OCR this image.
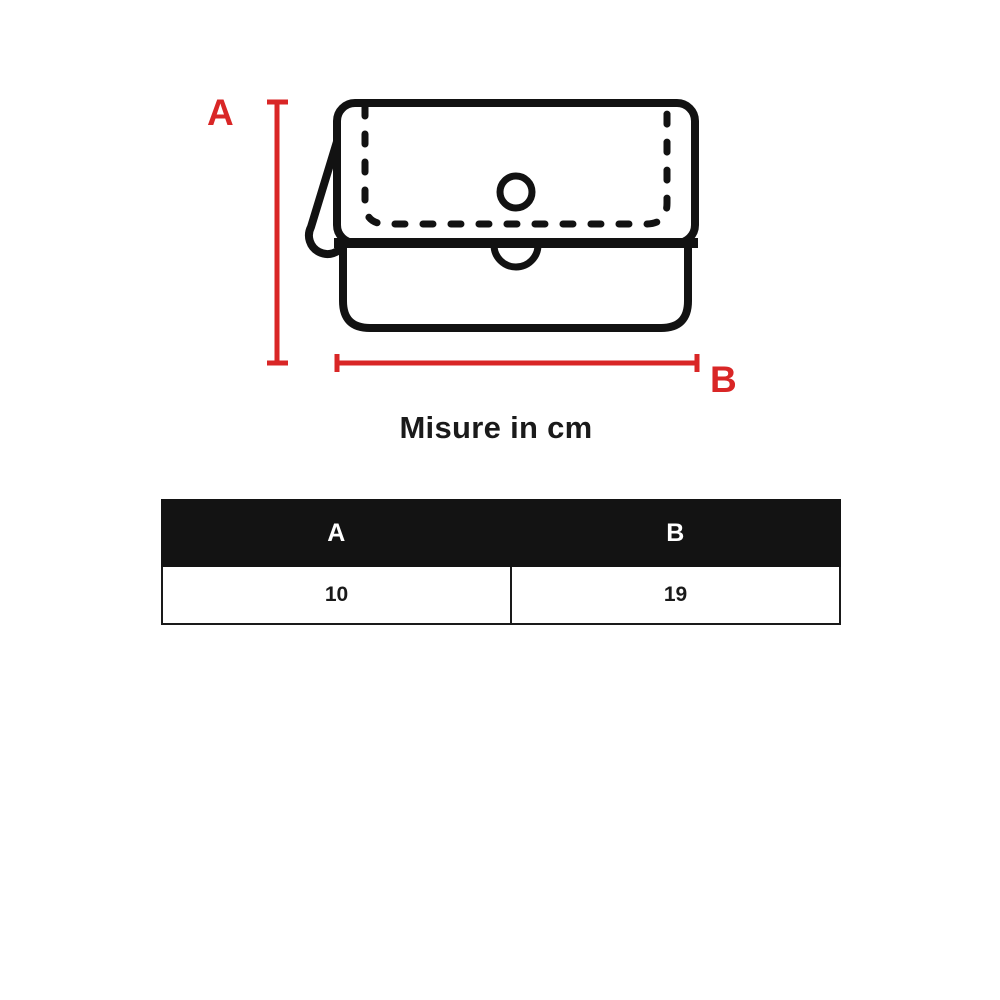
A
B
Misure in cm
A	B
10	19
